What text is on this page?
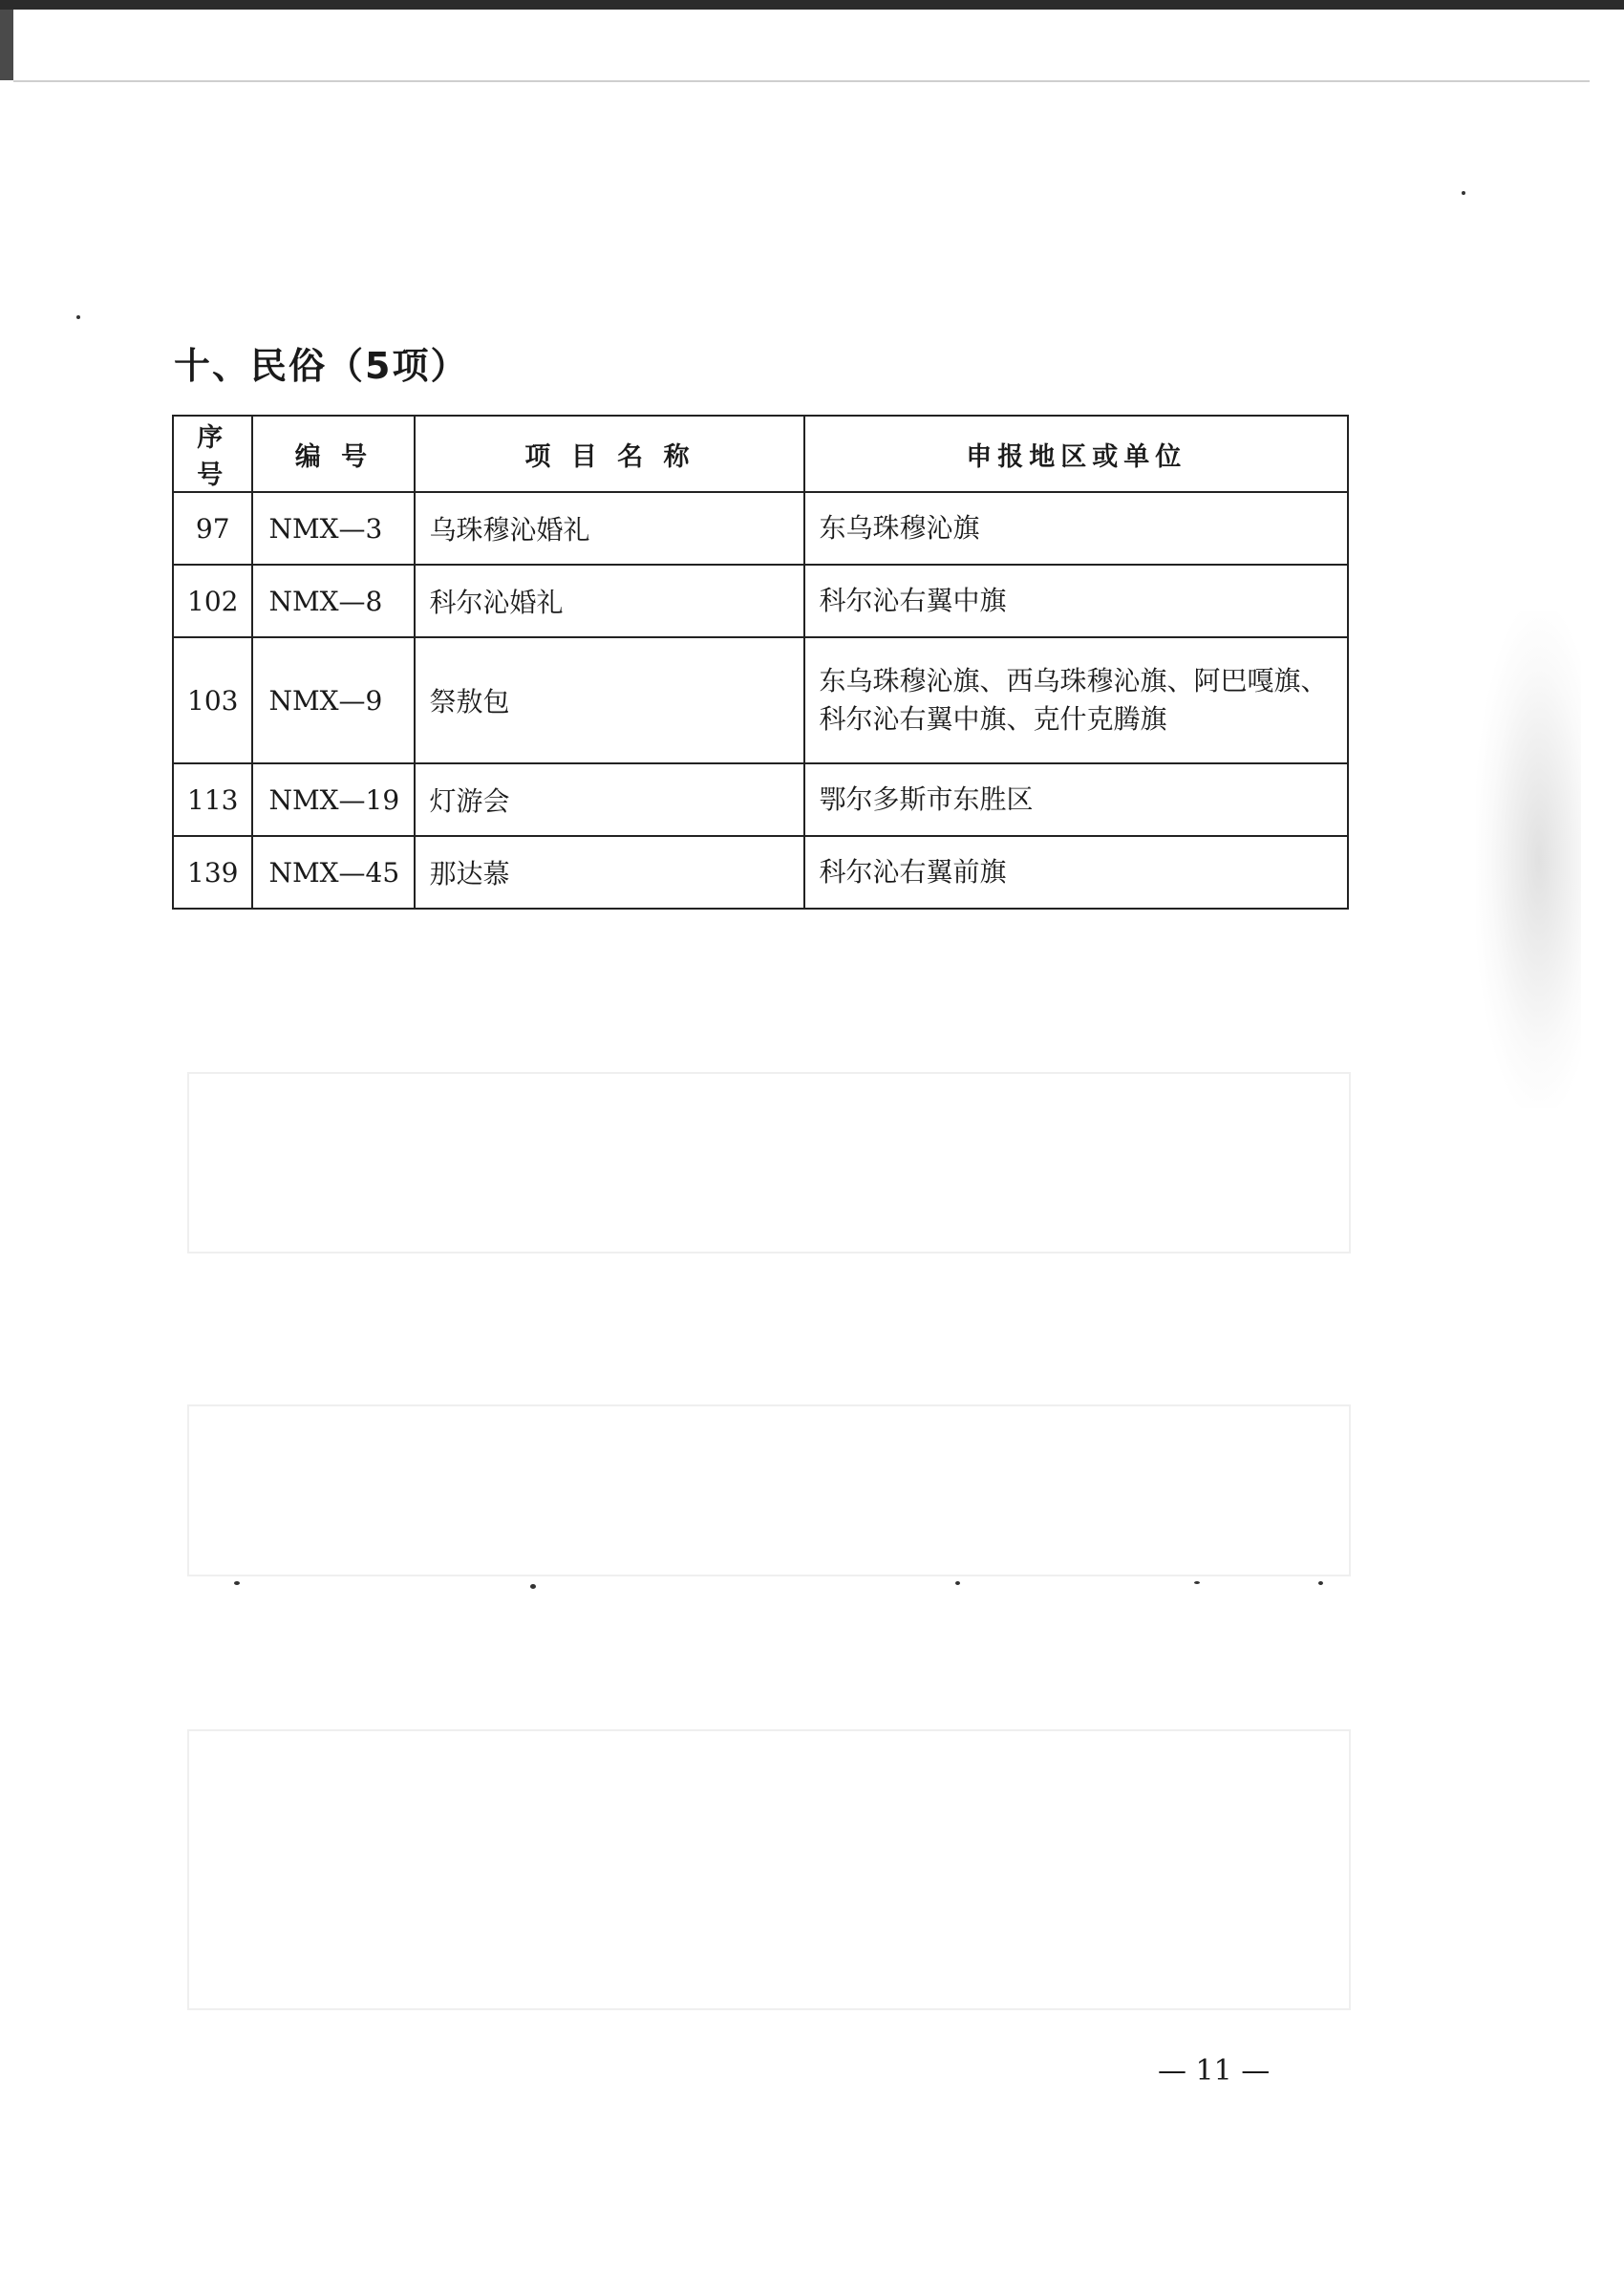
十、民俗（5项）
序号	编 号	项 目 名 称	申报地区或单位
97	NMⅩ—3	乌珠穆沁婚礼	东乌珠穆沁旗
102	NMⅩ—8	科尔沁婚礼	科尔沁右翼中旗
103	NMⅩ—9	祭敖包	东乌珠穆沁旗、西乌珠穆沁旗、阿巴嘎旗、科尔沁右翼中旗、克什克腾旗
113	NMⅩ—19	灯游会	鄂尔多斯市东胜区
139	NMⅩ—45	那达慕	科尔沁右翼前旗
— 11 —
